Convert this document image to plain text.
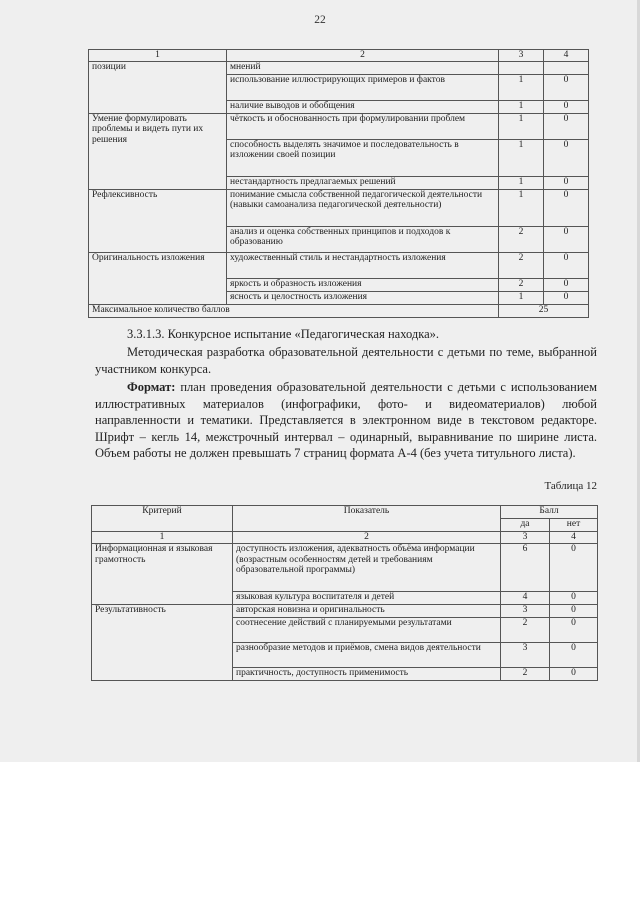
22
1	2	3	4
позиции	мнений		
	использование иллюстрирующих примеров и фактов	1	0
	наличие выводов и обобщения	1	0
Умение формулировать проблемы и видеть пути их решения	чёткость и обоснованность при формулировании проблем	1	0
	способность выделять значимое и последовательность в изложении своей позиции	1	0
	нестандартность предлагаемых решений	1	0
Рефлексивность	понимание смысла собственной педагогической деятельности (навыки самоанализа педагогической деятельности)	1	0
	анализ и оценка собственных принципов и подходов к образованию	2	0
Оригинальность изложения	художественный стиль и нестандартность изложения	2	0
	яркость и образность изложения	2	0
	ясность и целостность изложения	1	0
Максимальное количество баллов		25	
3.3.1.3. Конкурсное испытание «Педагогическая находка».
Методическая разработка образовательной деятельности с детьми по теме, выбранной участником конкурса.
Формат: план проведения образовательной деятельности с детьми с использованием иллюстративных материалов (инфографики, фото- и видеоматериалов) любой направленности и тематики. Представляется в электронном виде в текстовом редакторе. Шрифт – кегль 14, межстрочный интервал – одинарный, выравнивание по ширине листа. Объем работы не должен превышать 7 страниц формата А-4 (без учета титульного листа).
Таблица 12
Критерий	Показатель	Балл	
		да	нет
1	2	3	4
Информационная и языковая грамотность	доступность изложения, адекватность объёма информации (возрастным особенностям детей и требованиям образовательной программы)	6	0
	языковая культура воспитателя и детей	4	0
Результативность	авторская новизна и оригинальность	3	0
	соотнесение действий с планируемыми результатами	2	0
	разнообразие методов и приёмов, смена видов деятельности	3	0
	практичность, доступность применимость	2	0
